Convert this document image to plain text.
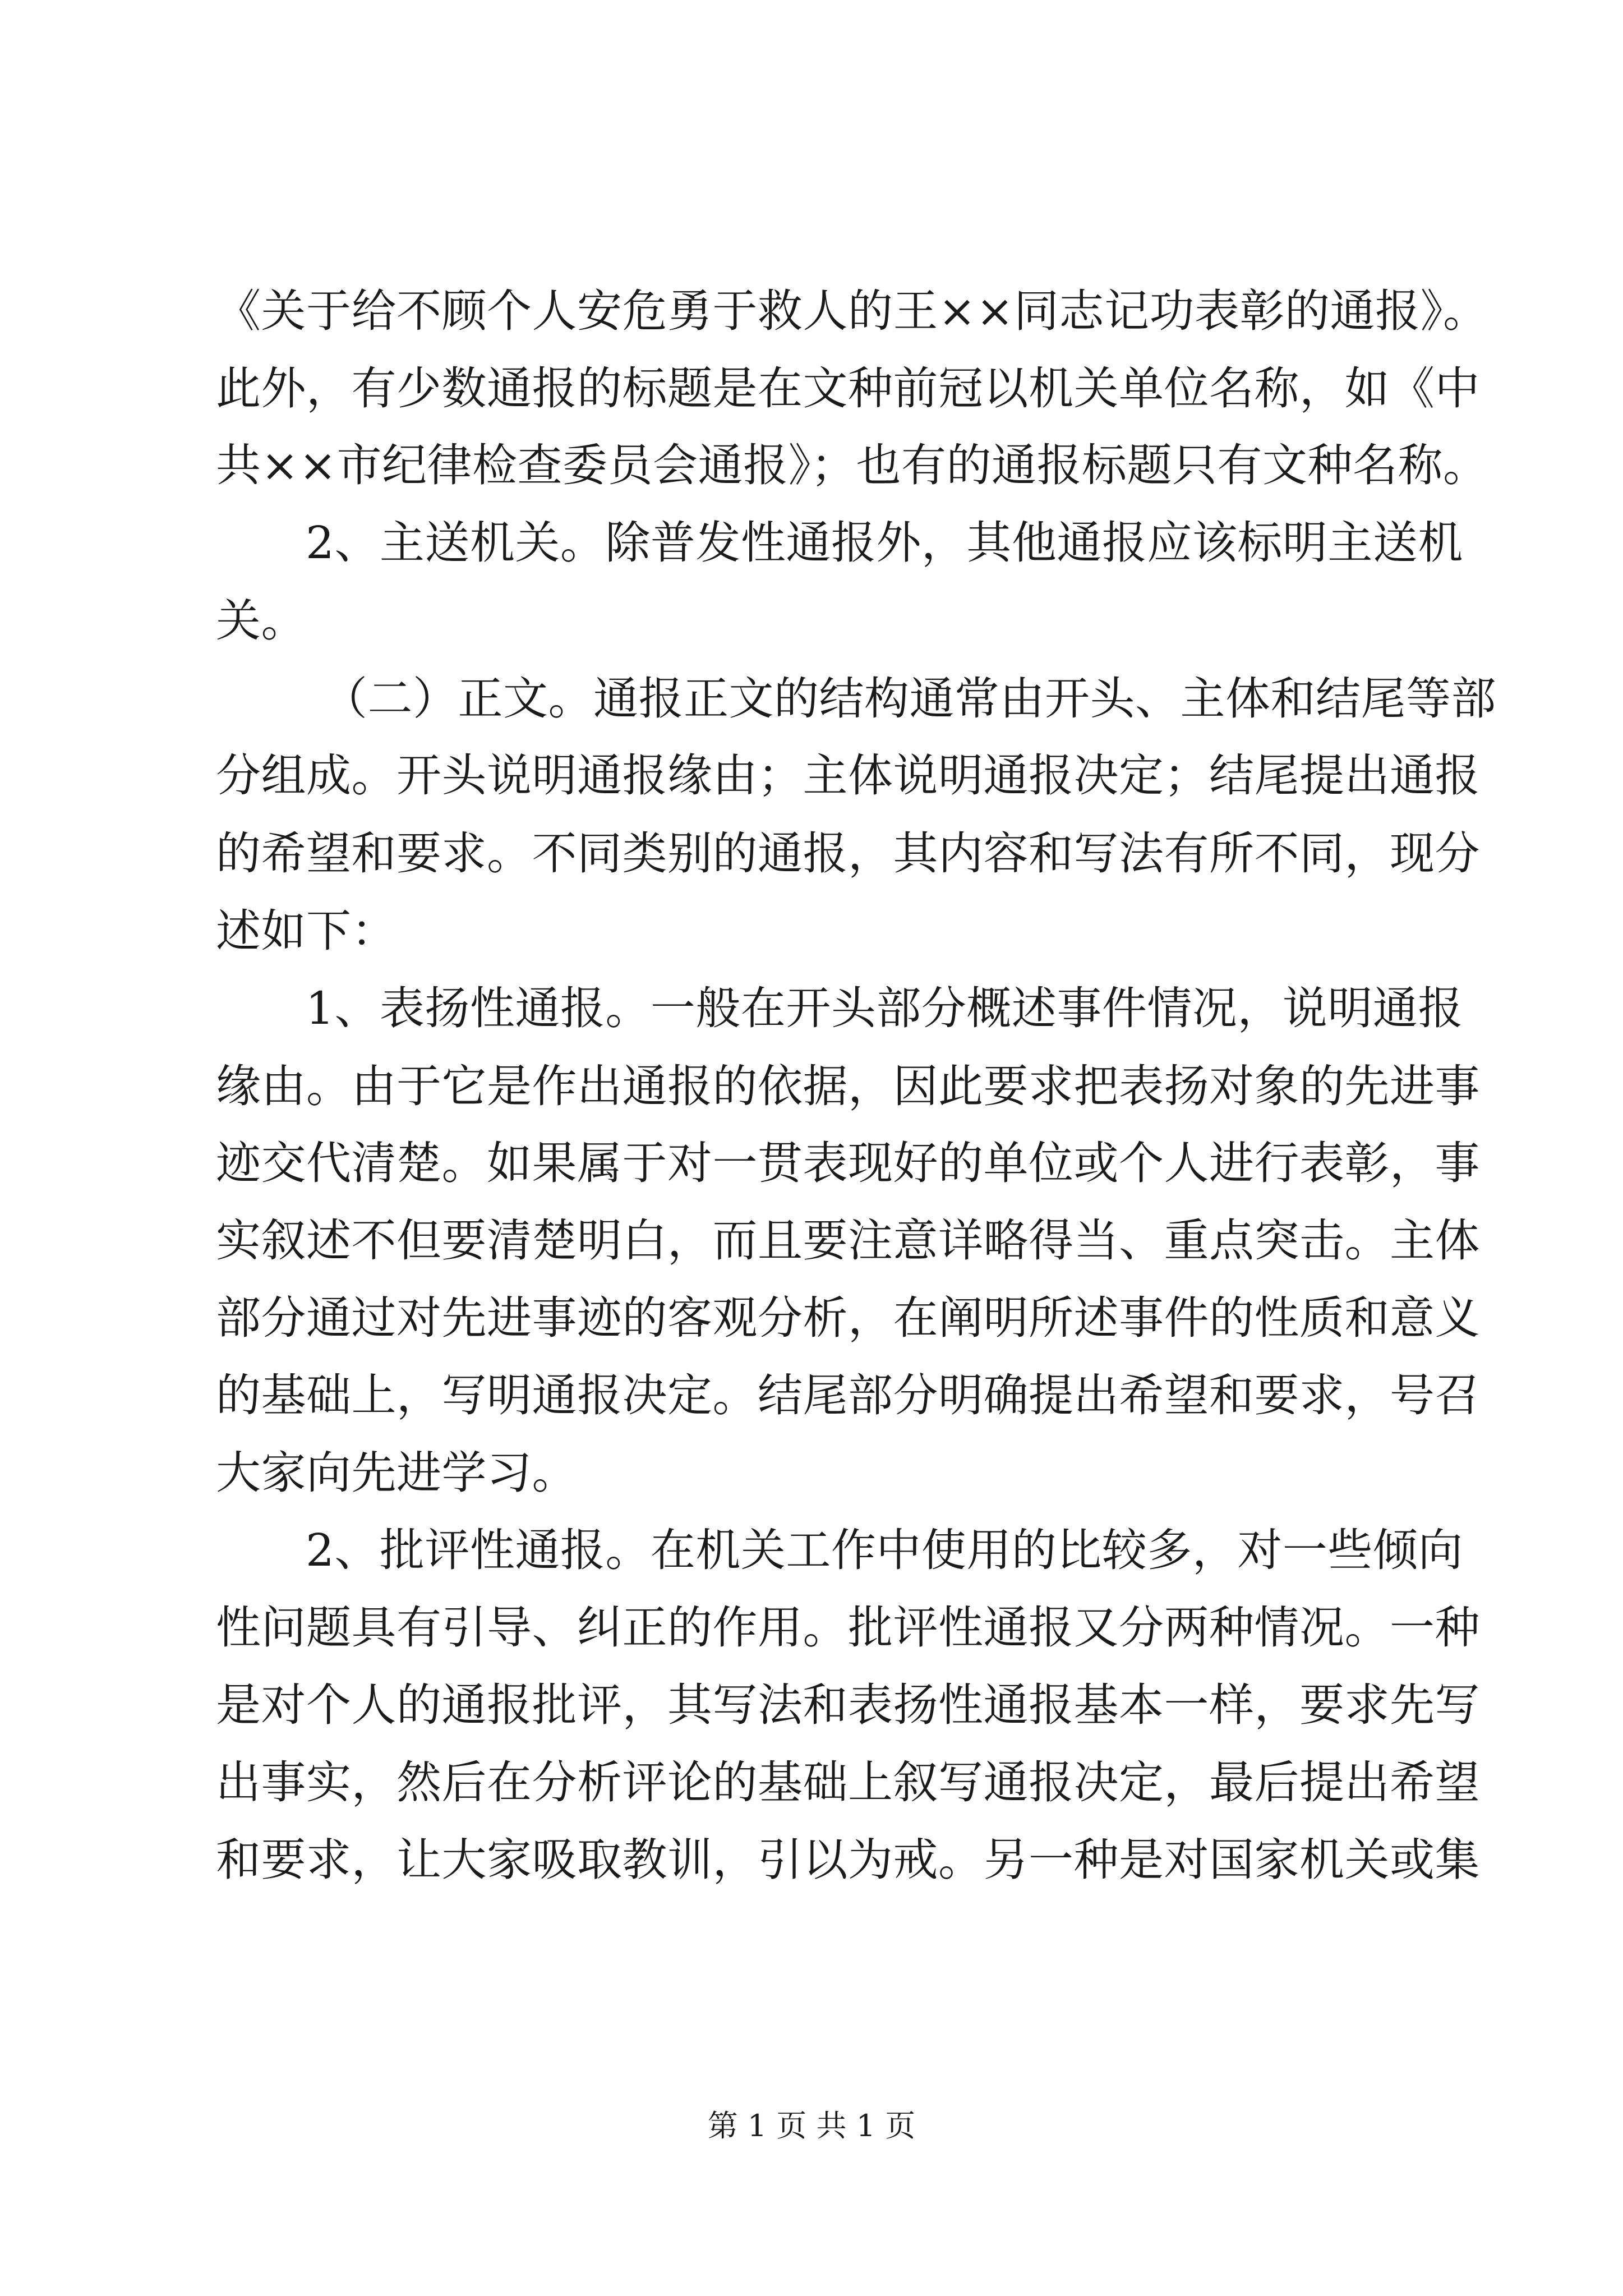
《关于给不顾个人安危勇于救人的王××同志记功表彰的通报》。
此外，有少数通报的标题是在文种前冠以机关单位名称，如《中
共××市纪律检查委员会通报》；也有的通报标题只有文种名称。
2、主送机关。除普发性通报外，其他通报应该标明主送机
关。
（二）正文。通报正文的结构通常由开头、主体和结尾等部
分组成。开头说明通报缘由；主体说明通报决定；结尾提出通报
的希望和要求。不同类别的通报，其内容和写法有所不同，现分
述如下：
1、表扬性通报。一般在开头部分概述事件情况，说明通报
缘由。由于它是作出通报的依据，因此要求把表扬对象的先进事
迹交代清楚。如果属于对一贯表现好的单位或个人进行表彰，事
实叙述不但要清楚明白，而且要注意详略得当、重点突击。主体
部分通过对先进事迹的客观分析，在阐明所述事件的性质和意义
的基础上，写明通报决定。结尾部分明确提出希望和要求，号召
大家向先进学习。
2、批评性通报。在机关工作中使用的比较多，对一些倾向
性问题具有引导、纠正的作用。批评性通报又分两种情况。一种
是对个人的通报批评，其写法和表扬性通报基本一样，要求先写
出事实，然后在分析评论的基础上叙写通报决定，最后提出希望
和要求，让大家吸取教训，引以为戒。另一种是对国家机关或集
第 1 页 共 1 页
